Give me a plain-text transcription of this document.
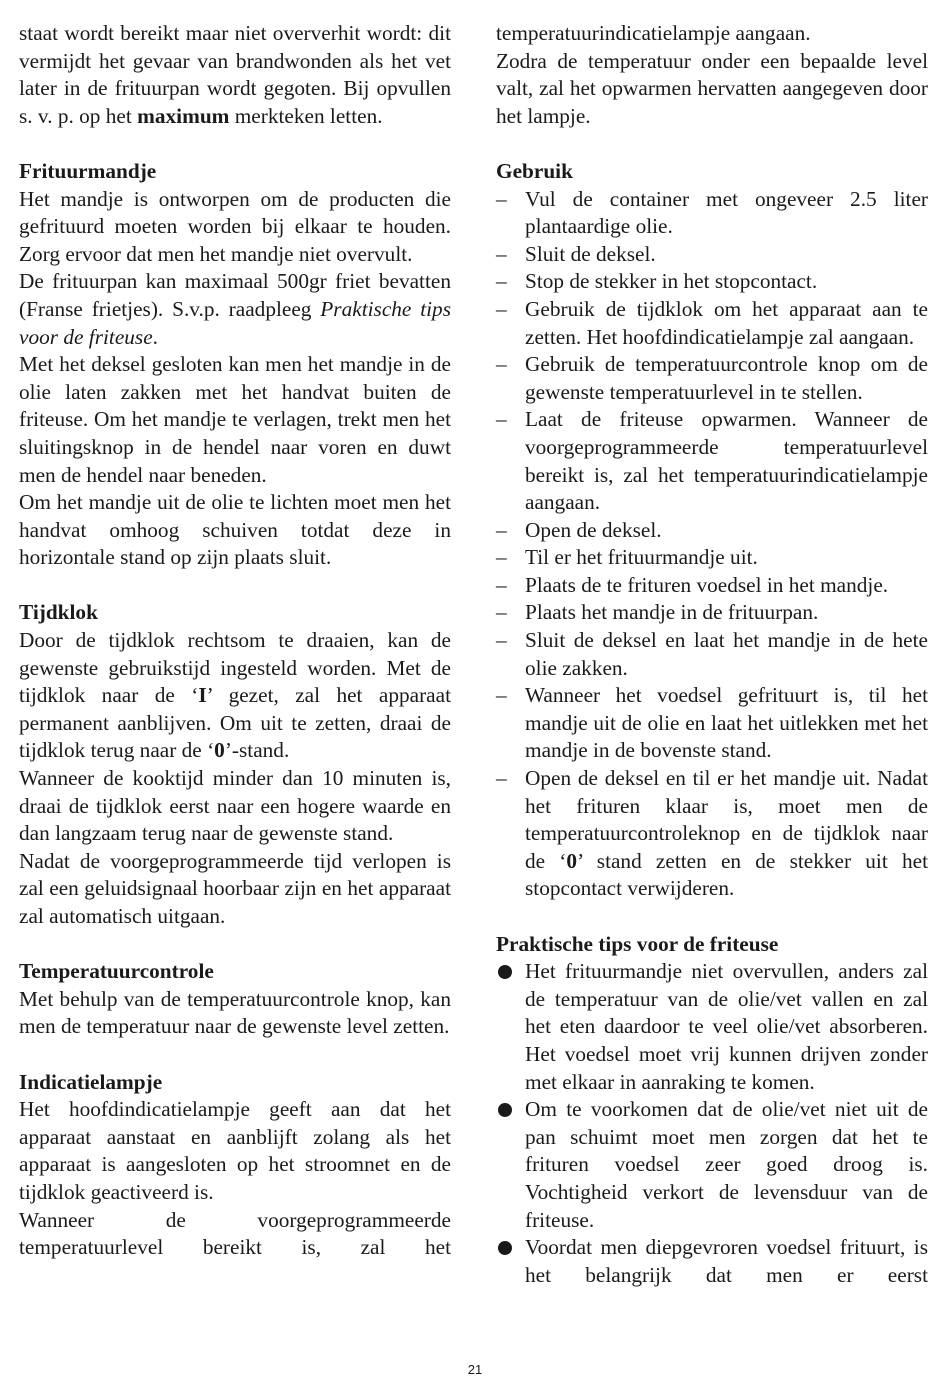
staat wordt bereikt maar niet oververhit wordt: dit vermijdt het gevaar van brandwonden als het vet later in de frituurpan wordt gegoten. Bij opvullen s. v. p. op het maximum merkteken letten.

Frituurmandje

Het mandje is ontworpen om de producten die gefrituurd moeten worden bij elkaar te houden. Zorg ervoor dat men het mandje niet overvult.

De frituurpan kan maximaal 500gr friet bevatten (Franse frietjes). S.v.p. raadpleeg Praktische tips voor de friteuse.

Met het deksel gesloten kan men het mandje in de olie laten zakken met het handvat buiten de friteuse. Om het mandje te verlagen, trekt men het sluitingsknop in de hendel naar voren en duwt men de hendel naar beneden.

Om het mandje uit de olie te lichten moet men het handvat omhoog schuiven totdat deze in horizontale stand op zijn plaats sluit.

Tijdklok

Door de tijdklok rechtsom te draaien, kan de gewenste gebruikstijd ingesteld worden. Met de tijdklok naar de ‘I’ gezet, zal het apparaat permanent aanblijven. Om uit te zetten, draai de tijdklok terug naar de ‘0’-stand.

Wanneer de kooktijd minder dan 10 minuten is, draai de tijdklok eerst naar een hogere waarde en dan langzaam terug naar de gewenste stand.

Nadat de voorgeprogrammeerde tijd verlopen is zal een geluidsignaal hoorbaar zijn en het apparaat zal automatisch uitgaan.

Temperatuurcontrole

Met behulp van de temperatuurcontrole knop, kan men de temperatuur naar de gewenste level zetten.

Indicatielampje

Het hoofdindicatielampje geeft aan dat het apparaat aanstaat en aanblijft zolang als het apparaat is aangesloten op het stroomnet en de tijdklok geactiveerd is.

Wanneer de voorgeprogrammeerde temperatuurlevel bereikt is, zal het

temperatuurindicatielampje aangaan.

Zodra de temperatuur onder een bepaalde level valt, zal het opwarmen hervatten aangegeven door het lampje.

Gebruik
– Vul de container met ongeveer 2.5 liter plantaardige olie.
– Sluit de deksel.
– Stop de stekker in het stopcontact.
– Gebruik de tijdklok om het apparaat aan te zetten. Het hoofdindicatielampje zal aangaan.
– Gebruik de temperatuurcontrole knop om de gewenste temperatuurlevel in te stellen.
– Laat de friteuse opwarmen. Wanneer de voorgeprogrammeerde temperatuurlevel bereikt is, zal het temperatuurindicatielampje aangaan.
– Open de deksel.
– Til er het frituurmandje uit.
– Plaats de te frituren voedsel in het mandje.
– Plaats het mandje in de frituurpan.
– Sluit de deksel en laat het mandje in de hete olie zakken.
– Wanneer het voedsel gefrituurt is, til het mandje uit de olie en laat het uitlekken met het mandje in de bovenste stand.
– Open de deksel en til er het mandje uit. Nadat het frituren klaar is, moet men de temperatuurcontroleknop en de tijdklok naar de ‘0’ stand zetten en de stekker uit het stopcontact verwijderen.
Praktische tips voor de friteuse
Het frituurmandje niet overvullen, anders zal de temperatuur van de olie/vet vallen en zal het eten daardoor te veel olie/vet absorberen. Het voedsel moet vrij kunnen drijven zonder met elkaar in aanraking te komen.
Om te voorkomen dat de olie/vet niet uit de pan schuimt moet men zorgen dat het te frituren voedsel zeer goed droog is. Vochtigheid verkort de levensduur van de friteuse.
Voordat men diepgevroren voedsel frituurt, is het belangrijk dat men er eerst
21
